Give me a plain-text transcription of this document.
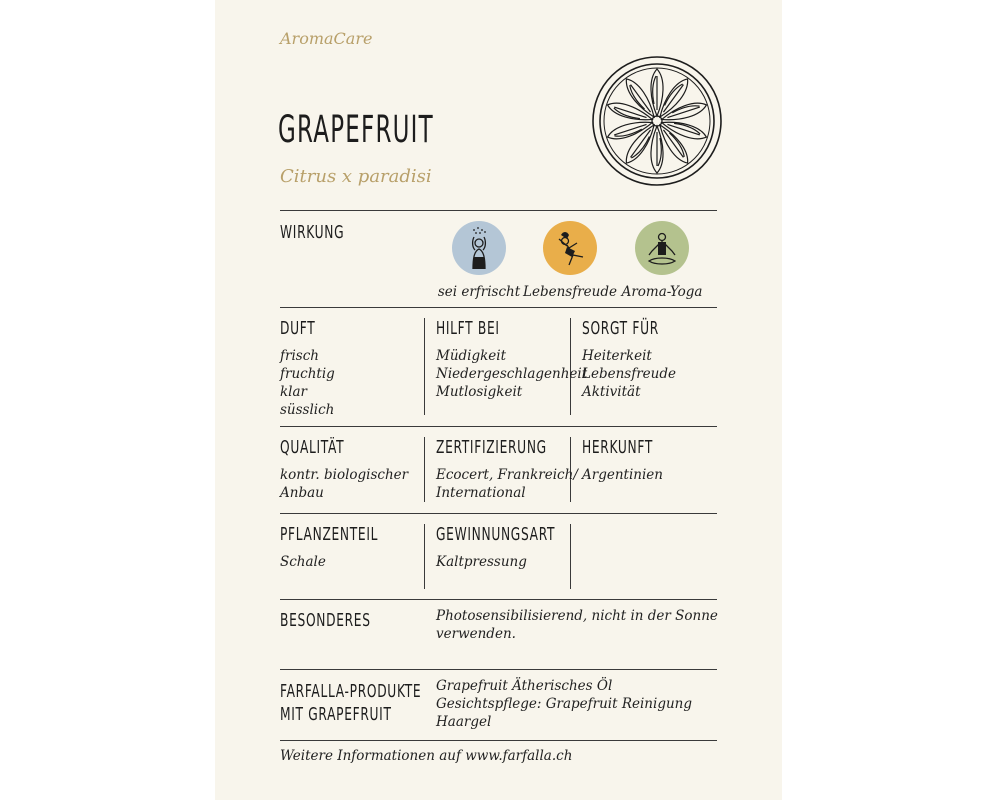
AromaCare
GRAPEFRUIT
Citrus x paradisi
WIRKUNG
sei erfrischt Lebensfreude Aroma-Yoga
DUFT
frisch
fruchtig
klar
süsslich
HILFT BEI
Müdigkeit
Niedergeschlagenheit
Mutlosigkeit
SORGT FÜR
Heiterkeit
Lebensfreude
Aktivität
QUALITÄT
kontr. biologischer
Anbau
ZERTIFIZIERUNG
Ecocert, Frankreich/
International
HERKUNFT
Argentinien
PFLANZENTEIL
Schale
GEWINNUNGSART
Kaltpressung
BESONDERES	Photosensibilisierend, nicht in der Sonne
verwenden.
FARFALLA-PRODUKTE
MIT GRAPEFRUIT
Grapefruit Ätherisches Öl
Gesichtspflege: Grapefruit Reinigung
Haargel
Weitere Informationen auf www.farfalla.ch
